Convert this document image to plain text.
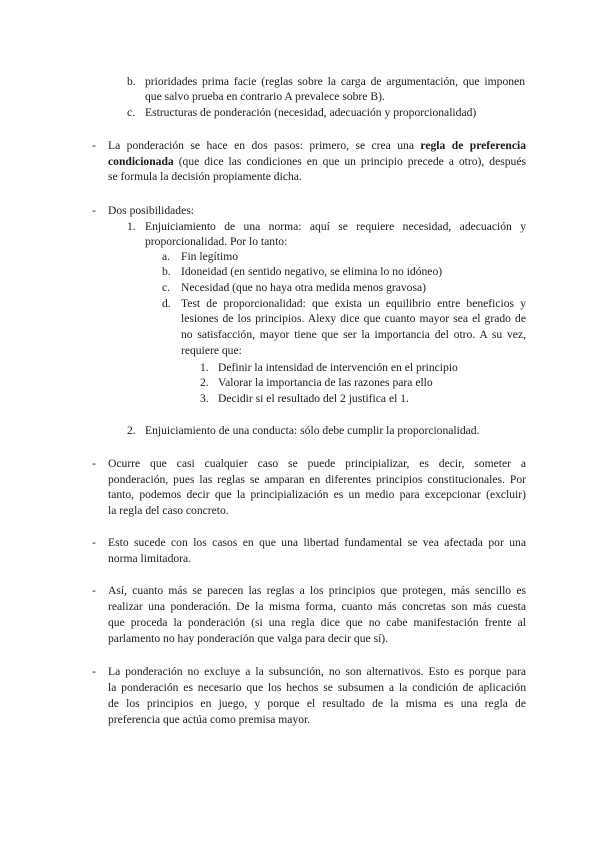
b. prioridades prima facie (reglas sobre la carga de argumentación, que imponen
que salvo prueba en contrario A prevalece sobre B).
c. Estructuras de ponderación (necesidad, adecuación y proporcionalidad)
- La ponderación se hace en dos pasos: primero, se crea una regla de preferencia
condicionada (que dice las condiciones en que un principio precede a otro), después
se formula la decisión propiamente dicha.
- Dos posibilidades:
1. Enjuiciamiento de una norma: aquí se requiere necesidad, adecuación y
proporcionalidad. Por lo tanto:
a. Fin legítimo
b. Idoneidad (en sentido negativo, se elimina lo no idóneo)
c. Necesidad (que no haya otra medida menos gravosa)
d. Test de proporcionalidad: que exista un equilibrio entre beneficios y
lesiones de los principios. Alexy dice que cuanto mayor sea el grado de
no satisfacción, mayor tiene que ser la importancia del otro. A su vez,
requiere que:
1. Definir la intensidad de intervención en el principio
2. Valorar la importancia de las razones para ello
3. Decidir si el resultado del 2 justifica el 1.
2. Enjuiciamiento de una conducta: sólo debe cumplir la proporcionalidad.
- Ocurre que casi cualquier caso se puede principializar, es decir, someter a
ponderación, pues las reglas se amparan en diferentes principios constitucionales. Por
tanto, podemos decir que la principialización es un medio para excepcionar (excluir)
la regla del caso concreto.
- Esto sucede con los casos en que una libertad fundamental se vea afectada por una
norma limitadora.
- Así, cuanto más se parecen las reglas a los principios que protegen, más sencillo es
realizar una ponderación. De la misma forma, cuanto más concretas son más cuesta
que proceda la ponderación (si una regla dice que no cabe manifestación frente al
parlamento no hay ponderación que valga para decir que sí).
- La ponderación no excluye a la subsunción, no son alternativos. Esto es porque para
la ponderación es necesario que los hechos se subsumen a la condición de aplicación
de los principios en juego, y porque el resultado de la misma es una regla de
preferencia que actúa como premisa mayor.
